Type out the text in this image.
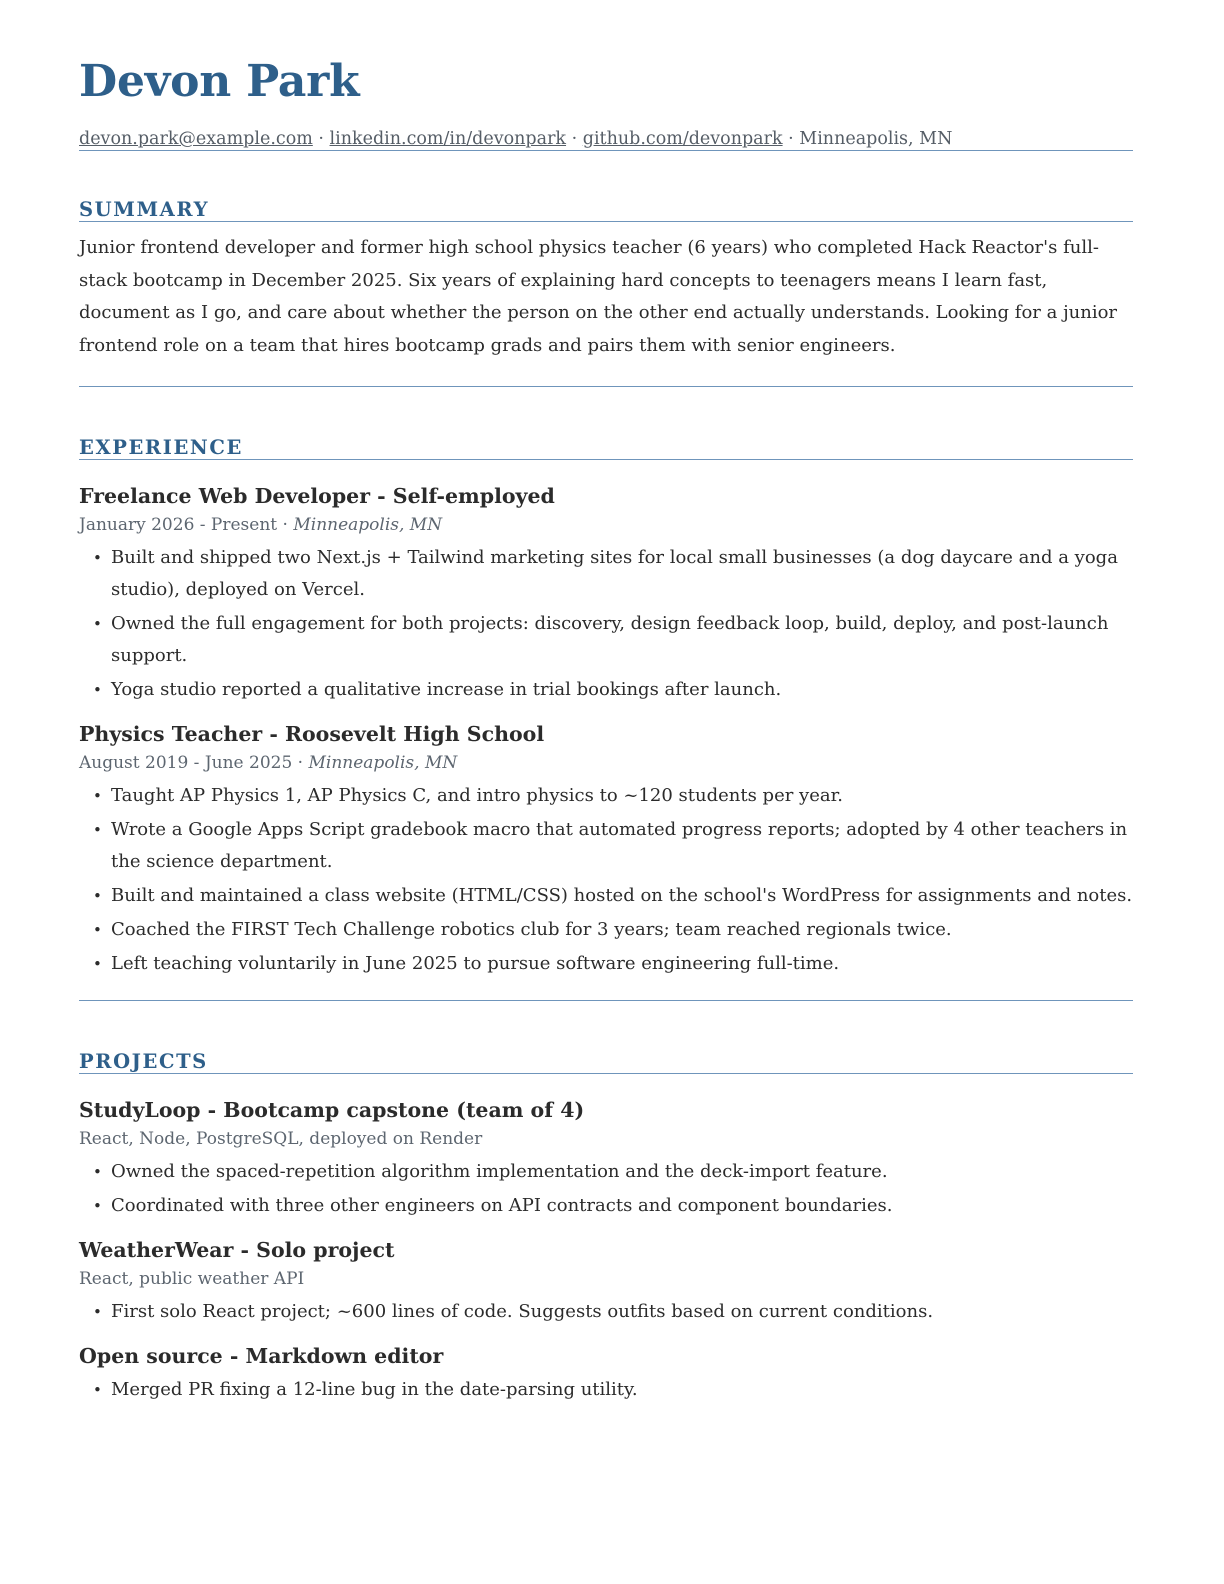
Devon Park
devon.park@example.com · linkedin.com/in/devonpark · github.com/devonpark · Minneapolis, MN
SUMMARY

Junior frontend developer and former high school physics teacher (6 years) who completed Hack Reactor's full-stack bootcamp in December 2025. Six years of explaining hard concepts to teenagers means I learn fast, document as I go, and care about whether the person on the other end actually understands. Looking for a junior frontend role on a team that hires bootcamp grads and pairs them with senior engineers.

EXPERIENCE
Freelance Web Developer - Self-employed
January 2026 - Present · Minneapolis, MN
• Built and shipped two Next.js + Tailwind marketing sites for local small businesses (a dog daycare and a yoga studio), deployed on Vercel.
• Owned the full engagement for both projects: discovery, design feedback loop, build, deploy, and post-launch support.
• Yoga studio reported a qualitative increase in trial bookings after launch.
Physics Teacher - Roosevelt High School
August 2019 - June 2025 · Minneapolis, MN
• Taught AP Physics 1, AP Physics C, and intro physics to ~120 students per year.
• Wrote a Google Apps Script gradebook macro that automated progress reports; adopted by 4 other teachers in the science department.
• Built and maintained a class website (HTML/CSS) hosted on the school's WordPress for assignments and notes.
• Coached the FIRST Tech Challenge robotics club for 3 years; team reached regionals twice.
• Left teaching voluntarily in June 2025 to pursue software engineering full-time.
PROJECTS
StudyLoop - Bootcamp capstone (team of 4)
React, Node, PostgreSQL, deployed on Render
• Owned the spaced-repetition algorithm implementation and the deck-import feature.
• Coordinated with three other engineers on API contracts and component boundaries.
WeatherWear - Solo project
React, public weather API
• First solo React project; ~600 lines of code. Suggests outfits based on current conditions.
Open source - Markdown editor
• Merged PR fixing a 12-line bug in the date-parsing utility.
